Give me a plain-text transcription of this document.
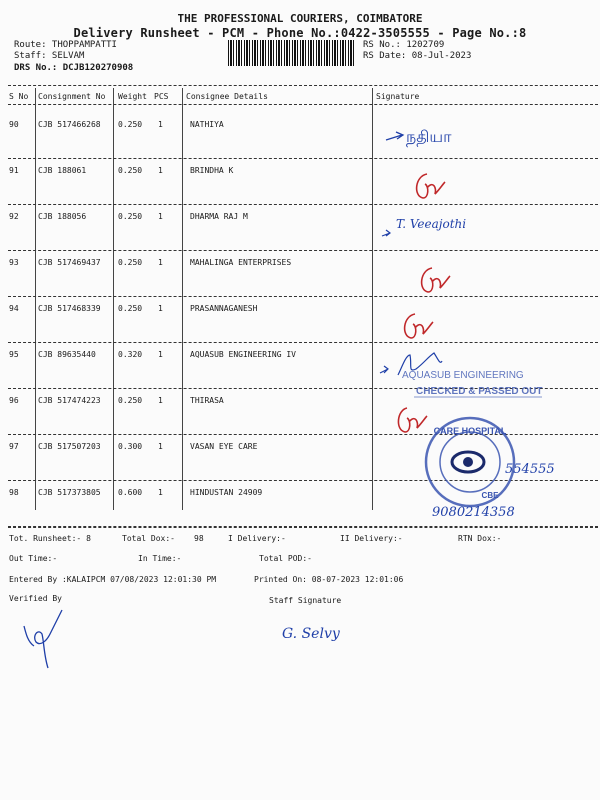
THE PROFESSIONAL COURIERS, COIMBATORE
Delivery Runsheet - PCM - Phone No.:0422-3505555 - Page No.:8
Route: THOPPAMPATTI
Staff: SELVAM
DRS No.: DCJB120270908
RS No.: 1202709
RS Date: 08-Jul-2023
S No Consignment No Weight PCS Consignee Details	Signature
90 CJB 517466268 0.250 1	NATHIYA
91 CJB 188061	0.250 1	BRINDHA K
92 CJB 188056	0.250 1	DHARMA RAJ M
93 CJB 517469437 0.250 1	MAHALINGA ENTERPRISES
94 CJB 517468339 0.250 1	PRASANNAGANESH
95 CJB 89635440	0.320 1	AQUASUB ENGINEERING IV
96 CJB 517474223 0.250 1	THIRASA
97 CJB 517507203 0.300 1	VASAN EYE CARE
98 CJB 517373805 0.600 1	HINDUSTAN 24909
நதியா
T. Veeajothi
AQUASUB ENGINEERING
CHECKED & PASSED OUT
CARE HOSPITAL
CBE
554555
9080214358
Tot. Runsheet:- 8	Total Dox:- 98	I Delivery:-	II Delivery:-	RTN Dox:-
Out Time:-	In Time:-	Total POD:-
Entered By :KALAIPCM 07/08/2023 12:01:30 PM	Printed On: 08-07-2023 12:01:06
Verified By	Staff Signature
G. Selvy
